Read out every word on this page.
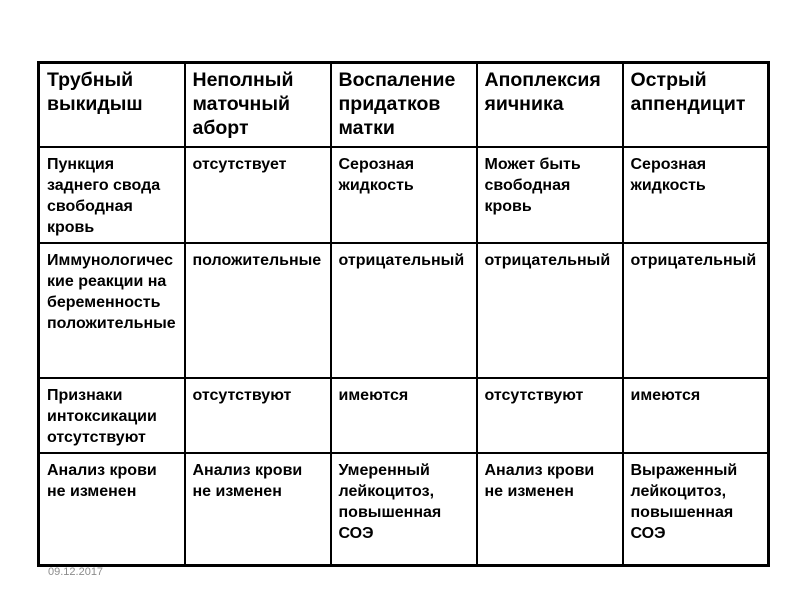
Трубный выкидыш	Неполный маточный аборт	Воспаление придатков матки	Апоплексия яичника	Острый аппендицит

Пункция заднего свода свободная кровь	отсутствует	Серозная жидкость	Может быть свободная кровь	Серозная жидкость

Иммунологические реакции на беременность положительные	положительные	отрицательный	отрицательный	отрицательный

Признаки интоксикации отсутствуют	отсутствуют	имеются	отсутствуют	имеются

Анализ крови не изменен	Анализ крови не изменен	Умеренный лейкоцитоз, повышенная СОЭ	Анализ крови не изменен	Выраженный лейкоцитоз, повышенная СОЭ
09.12.2017
